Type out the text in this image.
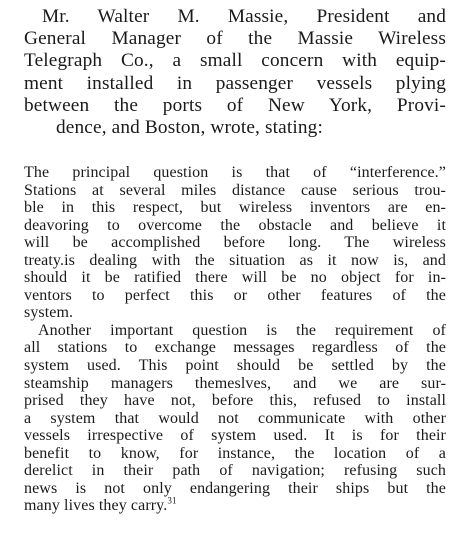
Mr. Walter M. Massie, President and
General Manager of the Massie Wireless
Telegraph Co., a small concern with equip-
ment installed in passenger vessels plying
between the ports of New York, Provi-
dence, and Boston, wrote, stating:
The principal question is that of “interference.”
Stations at several miles distance cause serious trou-
ble in this respect, but wireless inventors are en-
deavoring to overcome the obstacle and believe it
will be accomplished before long. The wireless
treaty.is dealing with the situation as it now is, and
should it be ratified there will be no object for in-
ventors to perfect this or other features of the
system.
Another important question is the requirement of
all stations to exchange messages regardless of the
system used. This point should be settled by the
steamship managers themeslves, and we are sur-
prised they have not, before this, refused to install
a system that would not communicate with other
vessels irrespective of system used. It is for their
benefit to know, for instance, the location of a
derelict in their path of navigation; refusing such
news is not only endangering their ships but the
many lives they carry.$^{31}$
